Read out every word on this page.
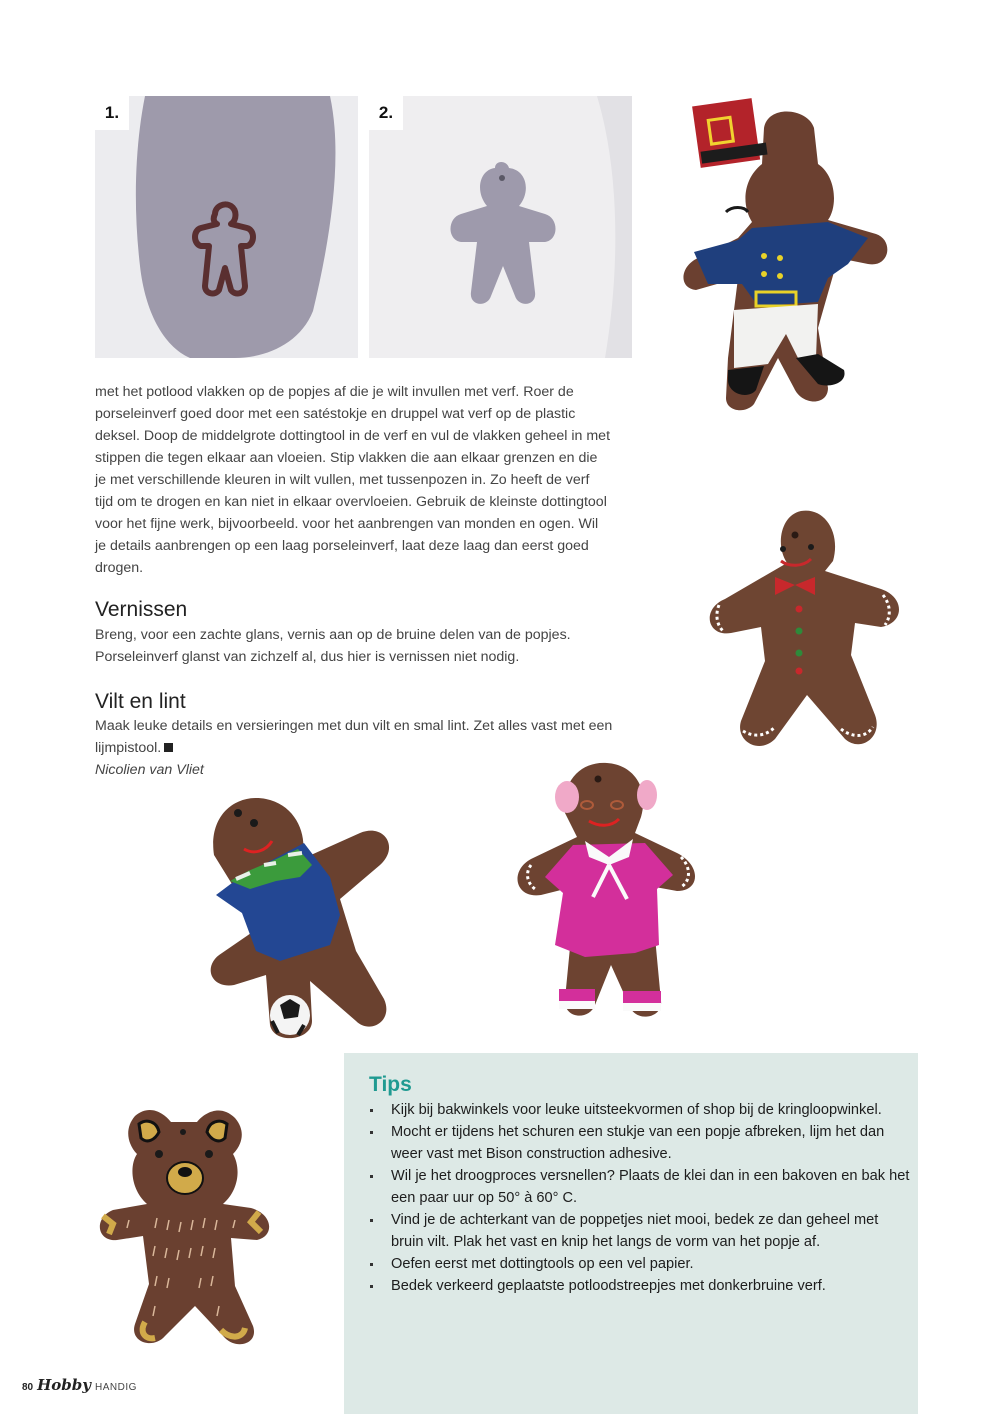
1.	2.
met het potlood vlakken op de popjes af die je wilt invullen met verf. Roer de
porseleinverf goed door met een satéstokje en druppel wat verf op de plastic
deksel. Doop de middelgrote dottingtool in de verf en vul de vlakken geheel in met
stippen die tegen elkaar aan vloeien. Stip vlakken die aan elkaar grenzen en die
je met verschillende kleuren in wilt vullen, met tussenpozen in. Zo heeft de verf
tijd om te drogen en kan niet in elkaar overvloeien. Gebruik de kleinste dottingtool
voor het fijne werk, bijvoorbeeld. voor het aanbrengen van monden en ogen. Wil
je details aanbrengen op een laag porseleinverf, laat deze laag dan eerst goed
drogen.
Vernissen
Breng, voor een zachte glans, vernis aan op de bruine delen van de popjes.
Porseleinverf glanst van zichzelf al, dus hier is vernissen niet nodig.
Vilt en lint
Maak leuke details en versieringen met dun vilt en smal lint. Zet alles vast met een
lijmpistool.
Nicolien van Vliet
Tips
Kijk bij bakwinkels voor leuke uitsteekvormen of shop bij de kringloopwinkel.
Mocht er tijdens het schuren een stukje van een popje afbreken, lijm het dan weer vast met Bison construction adhesive.
Wil je het droogproces versnellen? Plaats de klei dan in een bakoven en bak het een paar uur op 50° à 60° C.
Vind je de achterkant van de poppetjes niet mooi, bedek ze dan geheel met bruin vilt. Plak het vast en knip het langs de vorm van het popje af.
Oefen eerst met dottingtools op een vel papier.
Bedek verkeerd geplaatste potloodstreepjes met donkerbruine verf.
80 Hobby HANDIG
